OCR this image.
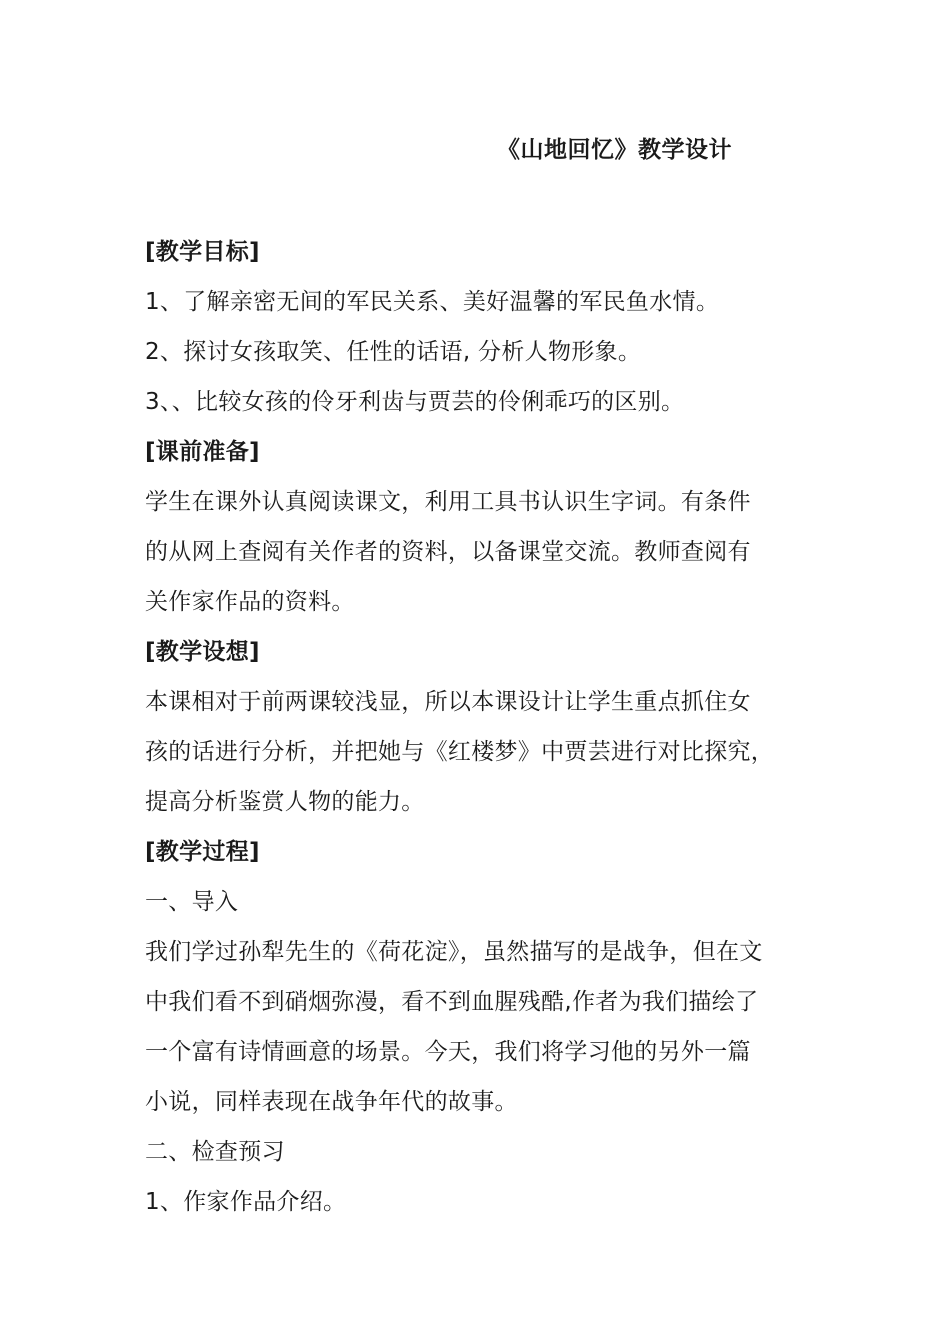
《山地回忆》教学设计
[教学目标]
1、了解亲密无间的军民关系、美好温馨的军民鱼水情。
2、探讨女孩取笑、任性的话语, 分析人物形象。
3、、比较女孩的伶牙利齿与贾芸的伶俐乖巧的区别。
[课前准备]
学生在课外认真阅读课文，利用工具书认识生字词。有条件
的从网上查阅有关作者的资料，以备课堂交流。教师查阅有
关作家作品的资料。
[教学设想]
本课相对于前两课较浅显，所以本课设计让学生重点抓住女
孩的话进行分析，并把她与《红楼梦》中贾芸进行对比探究，
提高分析鉴赏人物的能力。
[教学过程]
一、导入
我们学过孙犁先生的《荷花淀》，虽然描写的是战争，但在文
中我们看不到硝烟弥漫，看不到血腥残酷,作者为我们描绘了
一个富有诗情画意的场景。今天，我们将学习他的另外一篇
小说，同样表现在战争年代的故事。
二、检查预习
1、作家作品介绍。
